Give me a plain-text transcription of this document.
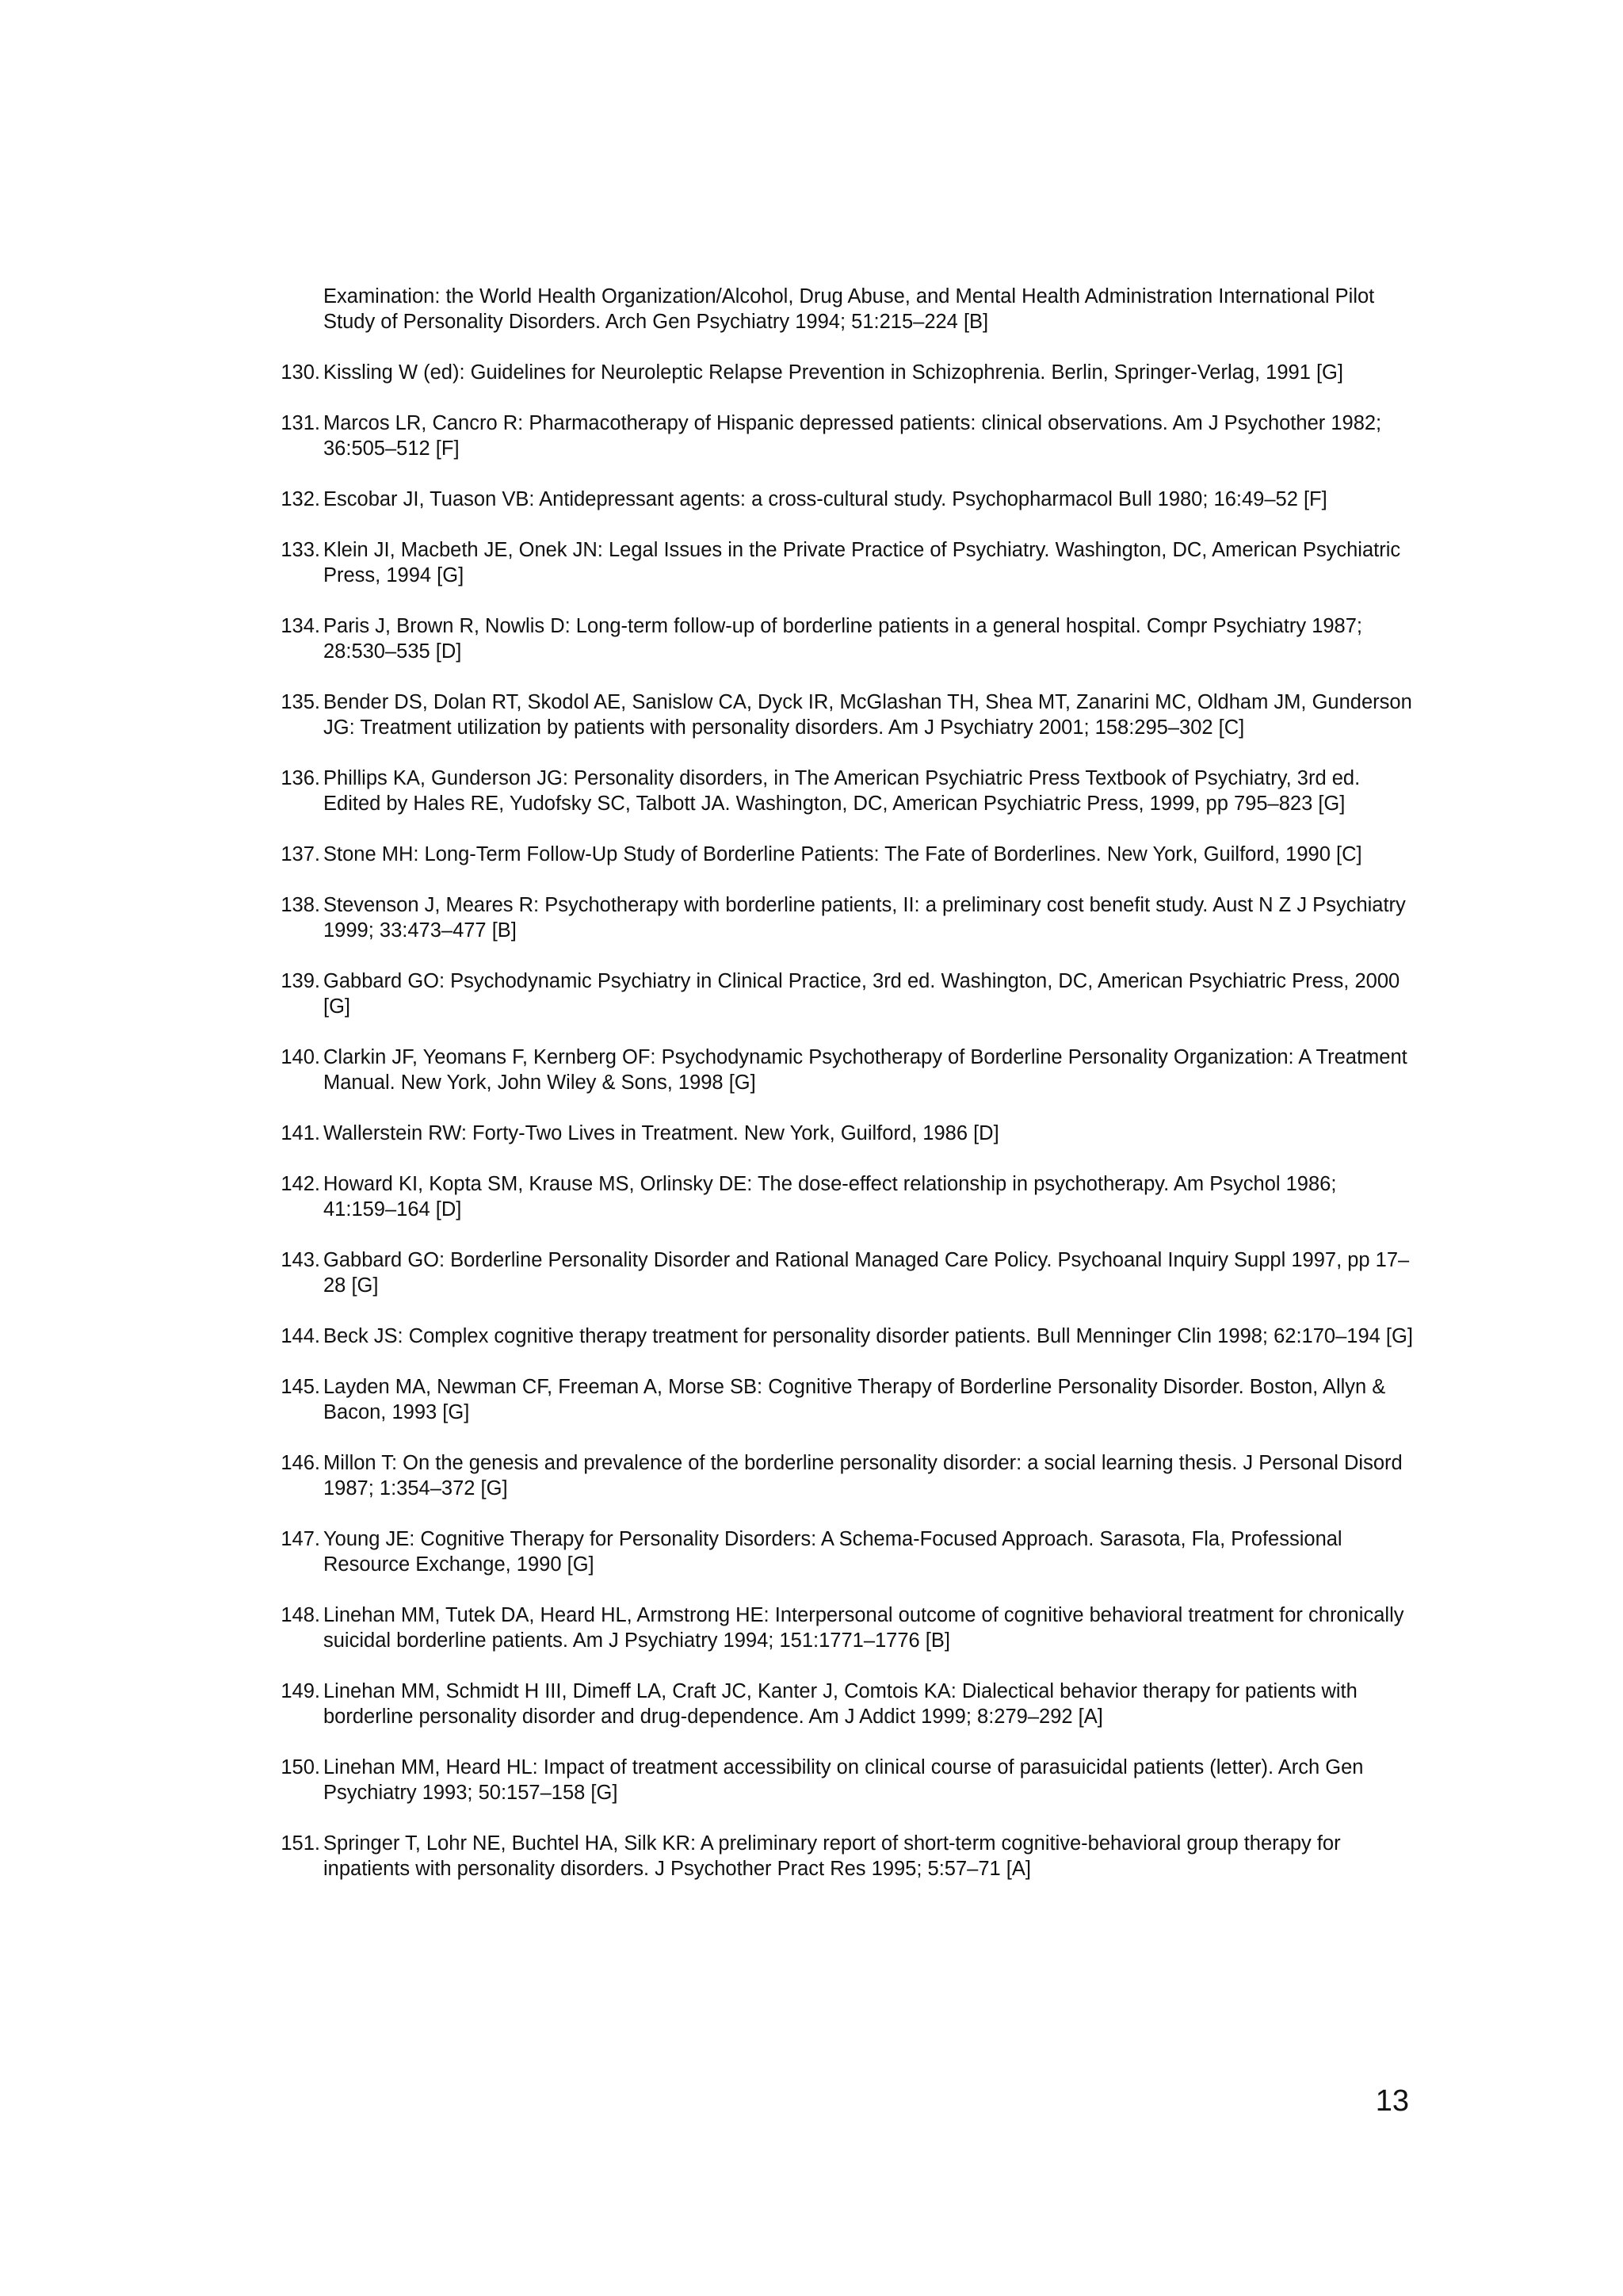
Examination: the World Health Organization/Alcohol, Drug Abuse, and Mental Health Administration International Pilot Study of Personality Disorders. Arch Gen Psychiatry 1994; 51:215–224 [B]
130. Kissling W (ed): Guidelines for Neuroleptic Relapse Prevention in Schizophrenia. Berlin, Springer-Verlag, 1991 [G]
131. Marcos LR, Cancro R: Pharmacotherapy of Hispanic depressed patients: clinical observations. Am J Psychother 1982; 36:505–512 [F]
132. Escobar JI, Tuason VB: Antidepressant agents: a cross-cultural study. Psychopharmacol Bull 1980; 16:49–52 [F]
133. Klein JI, Macbeth JE, Onek JN: Legal Issues in the Private Practice of Psychiatry. Washington, DC, American Psychiatric Press, 1994 [G]
134. Paris J, Brown R, Nowlis D: Long-term follow-up of borderline patients in a general hospital. Compr Psychiatry 1987; 28:530–535 [D]
135. Bender DS, Dolan RT, Skodol AE, Sanislow CA, Dyck IR, McGlashan TH, Shea MT, Zanarini MC, Oldham JM, Gunderson JG: Treatment utilization by patients with personality disorders. Am J Psychiatry 2001; 158:295–302 [C]
136. Phillips KA, Gunderson JG: Personality disorders, in The American Psychiatric Press Textbook of Psychiatry, 3rd ed. Edited by Hales RE, Yudofsky SC, Talbott JA. Washington, DC, American Psychiatric Press, 1999, pp 795–823 [G]
137. Stone MH: Long-Term Follow-Up Study of Borderline Patients: The Fate of Borderlines. New York, Guilford, 1990 [C]
138. Stevenson J, Meares R: Psychotherapy with borderline patients, II: a preliminary cost benefit study. Aust N Z J Psychiatry 1999; 33:473–477 [B]
139. Gabbard GO: Psychodynamic Psychiatry in Clinical Practice, 3rd ed. Washington, DC, American Psychiatric Press, 2000 [G]
140. Clarkin JF, Yeomans F, Kernberg OF: Psychodynamic Psychotherapy of Borderline Personality Organization: A Treatment Manual. New York, John Wiley & Sons, 1998 [G]
141. Wallerstein RW: Forty-Two Lives in Treatment. New York, Guilford, 1986 [D]
142. Howard KI, Kopta SM, Krause MS, Orlinsky DE: The dose-effect relationship in psychotherapy. Am Psychol 1986; 41:159–164 [D]
143. Gabbard GO: Borderline Personality Disorder and Rational Managed Care Policy. Psychoanal Inquiry Suppl 1997, pp 17–28 [G]
144. Beck JS: Complex cognitive therapy treatment for personality disorder patients. Bull Menninger Clin 1998; 62:170–194 [G]
145. Layden MA, Newman CF, Freeman A, Morse SB: Cognitive Therapy of Borderline Personality Disorder. Boston, Allyn & Bacon, 1993 [G]
146. Millon T: On the genesis and prevalence of the borderline personality disorder: a social learning thesis. J Personal Disord 1987; 1:354–372 [G]
147. Young JE: Cognitive Therapy for Personality Disorders: A Schema-Focused Approach. Sarasota, Fla, Professional Resource Exchange, 1990 [G]
148. Linehan MM, Tutek DA, Heard HL, Armstrong HE: Interpersonal outcome of cognitive behavioral treatment for chronically suicidal borderline patients. Am J Psychiatry 1994; 151:1771–1776 [B]
149. Linehan MM, Schmidt H III, Dimeff LA, Craft JC, Kanter J, Comtois KA: Dialectical behavior therapy for patients with borderline personality disorder and drug-dependence. Am J Addict 1999; 8:279–292 [A]
150. Linehan MM, Heard HL: Impact of treatment accessibility on clinical course of parasuicidal patients (letter). Arch Gen Psychiatry 1993; 50:157–158 [G]
151. Springer T, Lohr NE, Buchtel HA, Silk KR: A preliminary report of short-term cognitive-behavioral group therapy for inpatients with personality disorders. J Psychother Pract Res 1995; 5:57–71 [A]
13
